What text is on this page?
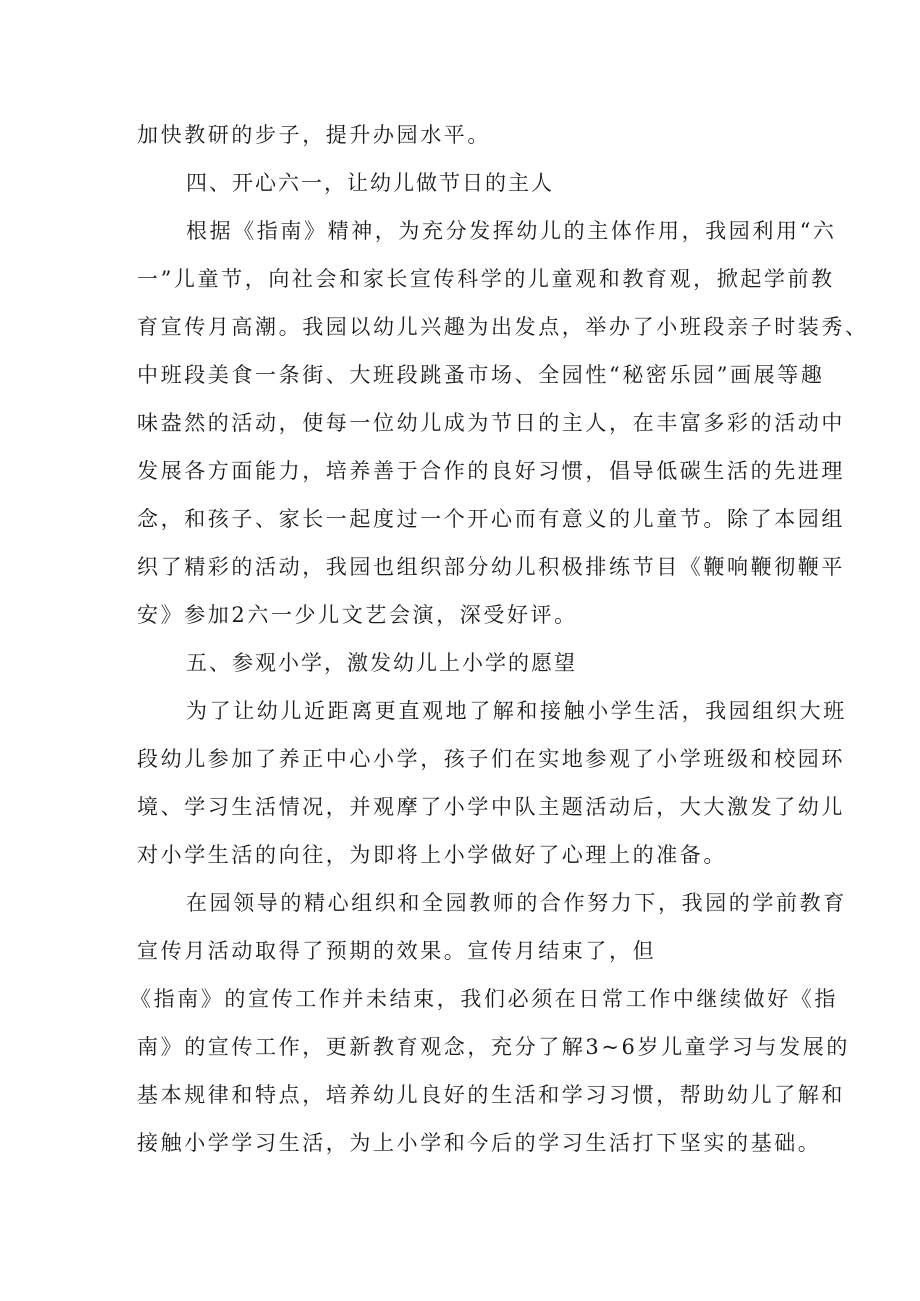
加快教研的步子，提升办园水平。
四、开心六一，让幼儿做节日的主人
根据《指南》精神，为充分发挥幼儿的主体作用，我园利用“六
一”儿童节，向社会和家长宣传科学的儿童观和教育观，掀起学前教
育宣传月高潮。我园以幼儿兴趣为出发点，举办了小班段亲子时装秀、
中班段美食一条街、大班段跳蚤市场、全园性“秘密乐园”画展等趣
味盎然的活动，使每一位幼儿成为节日的主人，在丰富多彩的活动中
发展各方面能力，培养善于合作的良好习惯，倡导低碳生活的先进理
念，和孩子、家长一起度过一个开心而有意义的儿童节。除了本园组
织了精彩的活动，我园也组织部分幼儿积极排练节目《鞭响鞭彻鞭平
安》参加2六一少儿文艺会演，深受好评。
五、参观小学，激发幼儿上小学的愿望
为了让幼儿近距离更直观地了解和接触小学生活，我园组织大班
段幼儿参加了养正中心小学，孩子们在实地参观了小学班级和校园环
境、学习生活情况，并观摩了小学中队主题活动后，大大激发了幼儿
对小学生活的向往，为即将上小学做好了心理上的准备。
在园领导的精心组织和全园教师的合作努力下，我园的学前教育
宣传月活动取得了预期的效果。宣传月结束了，但
《指南》的宣传工作并未结束，我们必须在日常工作中继续做好《指
南》的宣传工作，更新教育观念，充分了解3~6岁儿童学习与发展的
基本规律和特点，培养幼儿良好的生活和学习习惯，帮助幼儿了解和
接触小学学习生活，为上小学和今后的学习生活打下坚实的基础。
